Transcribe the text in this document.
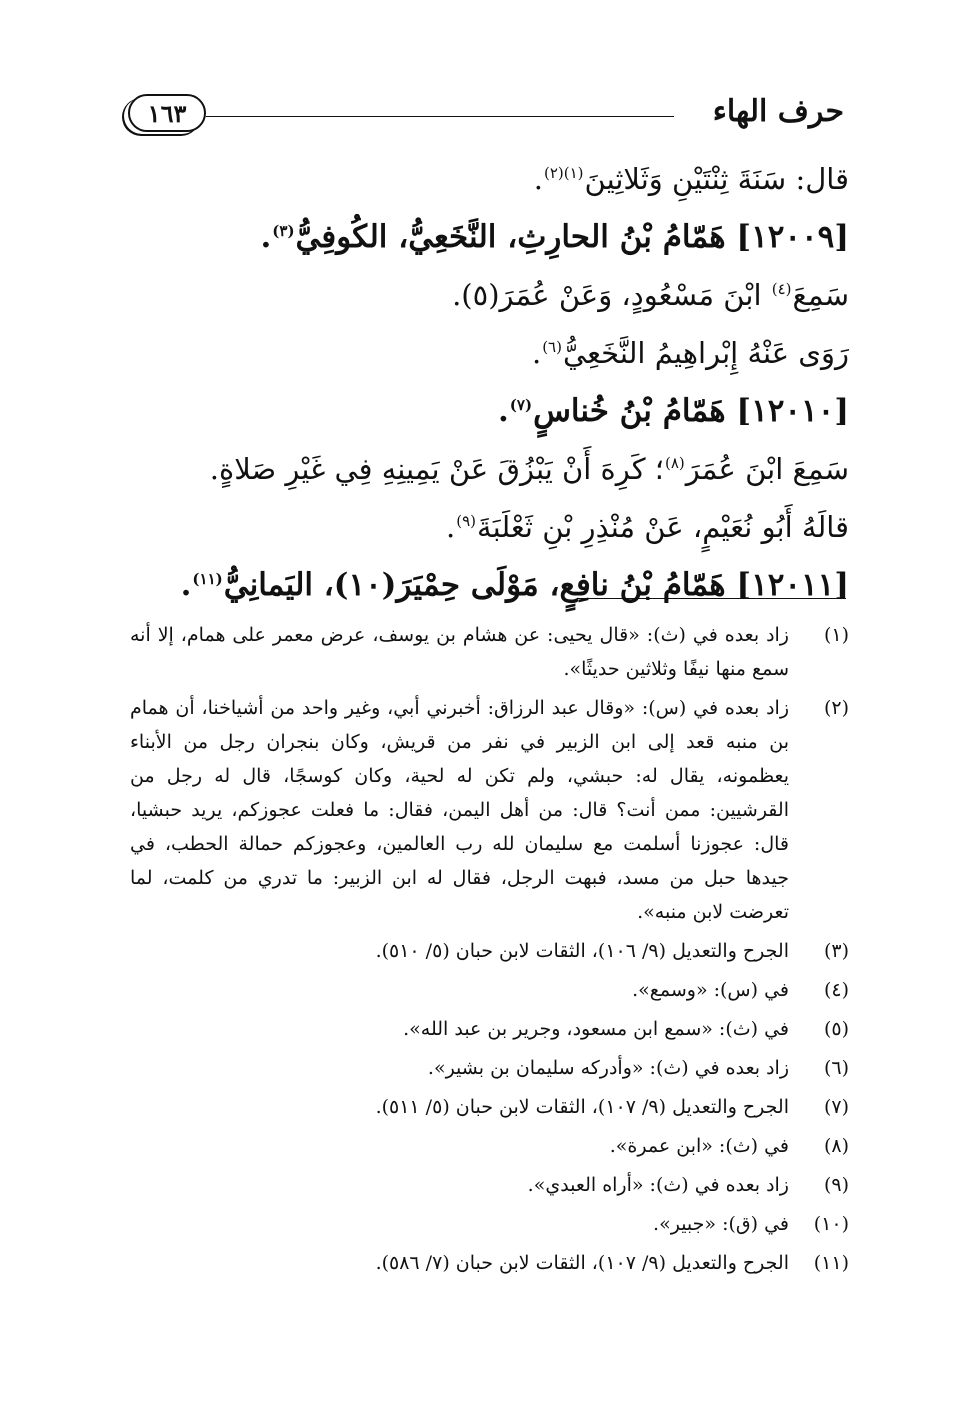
حرف الهاء
١٦٣
قال: سَنَةَ ثِنْتَيْنِ وَثَلاثِينَ$^{(١)(٢)}$.
[١٢٠٠٩] هَمّامُ بْنُ الحارِثِ، النَّخَعِيُّ، الكُوفِيُّ$^{(٣)}$.
سَمِعَ$^{(٤)}$ ابْنَ مَسْعُودٍ، وَعَنْ عُمَرَ(٥).
رَوَى عَنْهُ إِبْراهِيمُ النَّخَعِيُّ$^{(٦)}$.
[١٢٠١٠] هَمّامُ بْنُ خُناسٍ$^{(٧)}$.
سَمِعَ ابْنَ عُمَرَ$^{(٨)}$؛ كَرِهَ أَنْ يَبْزُقَ عَنْ يَمِينِهِ فِي غَيْرِ صَلاةٍ.
قالَهُ أَبُو نُعَيْمٍ، عَنْ مُنْذِرِ بْنِ ثَعْلَبَةَ$^{(٩)}$.
[١٢٠١١] هَمّامُ بْنُ نافِعٍ، مَوْلَى حِمْيَرَ(١٠)، اليَمانِيُّ$^{(١١)}$.
(١)
زاد بعده في (ث): «قال يحيى: عن هشام بن يوسف، عرض معمر على همام، إلا أنه سمع منها نيفًا وثلاثين حديثًا».
(٢)
زاد بعده في (س): «وقال عبد الرزاق: أخبرني أبي، وغير واحد من أشياخنا، أن همام بن منبه قعد إلى ابن الزبير في نفر من قريش، وكان بنجران رجل من الأبناء يعظمونه، يقال له: حبشي، ولم تكن له لحية، وكان كوسجًا، قال له رجل من القرشيين: ممن أنت؟ قال: من أهل اليمن، فقال: ما فعلت عجوزكم، يريد حبشيا، قال: عجوزنا أسلمت مع سليمان لله رب العالمين، وعجوزكم حمالة الحطب، في جيدها حبل من مسد، فبهت الرجل، فقال له ابن الزبير: ما تدري من كلمت، لما تعرضت لابن منبه».
(٣)
الجرح والتعديل (٩/ ١٠٦)، الثقات لابن حبان (٥/ ٥١٠).
(٤)
في (س): «وسمع».
(٥)
في (ث): «سمع ابن مسعود، وجرير بن عبد الله».
(٦)
زاد بعده في (ث): «وأدركه سليمان بن بشير».
(٧)
الجرح والتعديل (٩/ ١٠٧)، الثقات لابن حبان (٥/ ٥١١).
(٨)
في (ث): «ابن عمرة».
(٩)
زاد بعده في (ث): «أراه العبدي».
(١٠)
في (ق): «جبير».
(١١)
الجرح والتعديل (٩/ ١٠٧)، الثقات لابن حبان (٧/ ٥٨٦).
